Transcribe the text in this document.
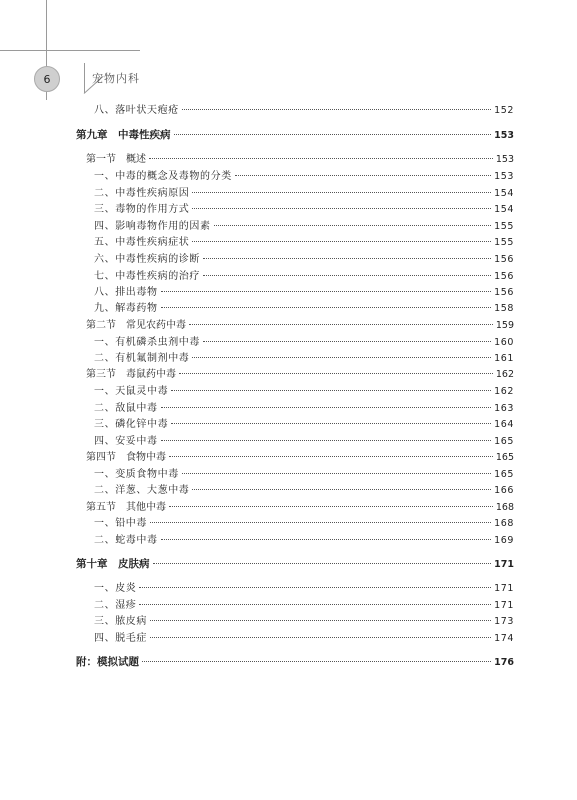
6	宠物内科
八、落叶状天疱疮	152
第九章　中毒性疾病	153
第一节　概述	153
一、中毒的概念及毒物的分类	153
二、中毒性疾病原因	154
三、毒物的作用方式	154
四、影响毒物作用的因素	155
五、中毒性疾病症状	155
六、中毒性疾病的诊断	156
七、中毒性疾病的治疗	156
八、排出毒物	156
九、解毒药物	158
第二节　常见农药中毒	159
一、有机磷杀虫剂中毒	160
二、有机氟制剂中毒	161
第三节　毒鼠药中毒	162
一、天鼠灵中毒	162
二、敌鼠中毒	163
三、磷化锌中毒	164
四、安妥中毒	165
第四节　食物中毒	165
一、变质食物中毒	165
二、洋葱、大葱中毒	166
第五节　其他中毒	168
一、铅中毒	168
二、蛇毒中毒	169
第十章　皮肤病	171
一、皮炎	171
二、湿疹	171
三、脓皮病	173
四、脱毛症	174
附：模拟试题	176
